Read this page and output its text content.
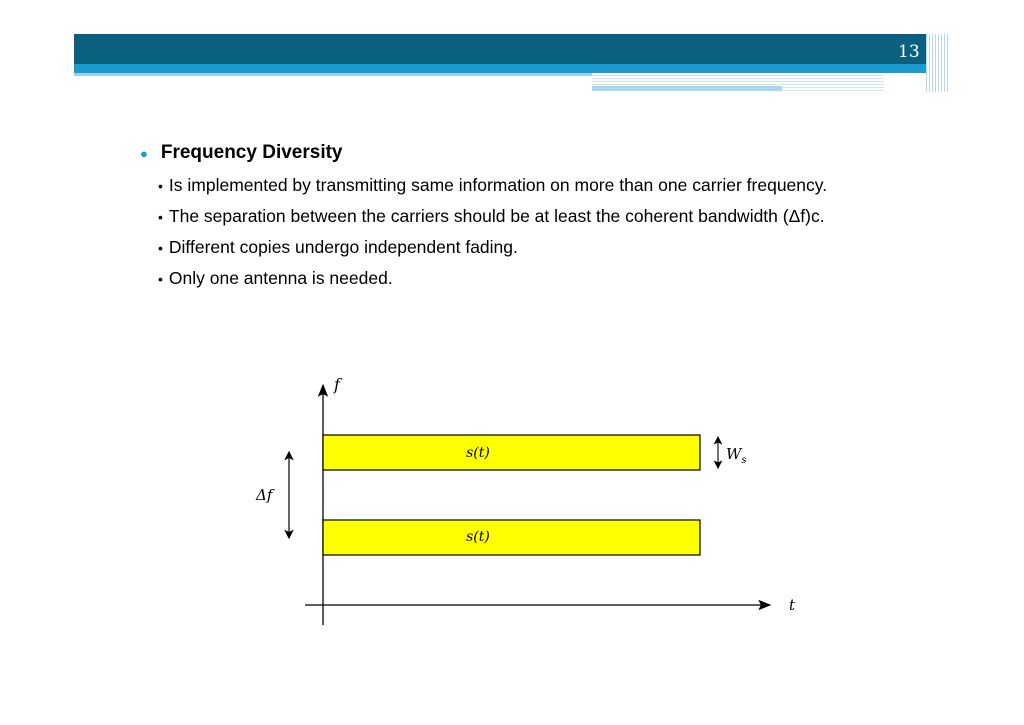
13
● Frequency Diversity
• Is implemented by transmitting same information on more than one carrier frequency.
• The separation between the carriers should be at least the coherent bandwidth (Δf)c.
• Different copies undergo independent fading.
• Only one antenna is needed.
f
t
s(t)
s(t)
Δf
$W_s$
